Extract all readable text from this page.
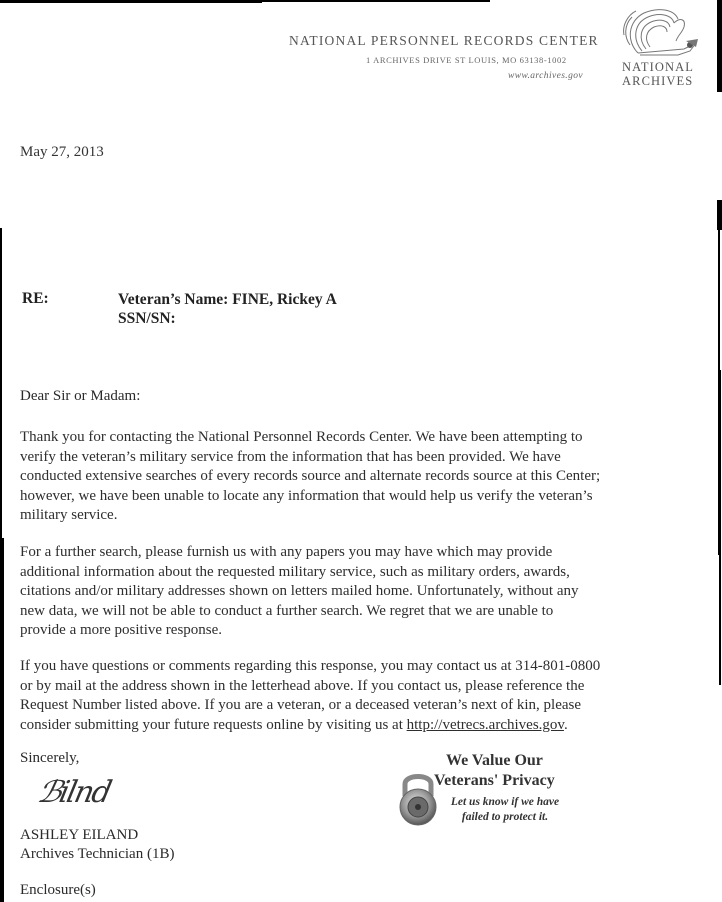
NATIONAL PERSONNEL RECORDS CENTER
1 ARCHIVES DRIVE ST LOUIS, MO 63138-1002
www.archives.gov
NATIONAL
ARCHIVES
May 27, 2013
RE:	Veteran’s Name: FINE, Rickey A
SSN/SN:
Dear Sir or Madam:
Thank you for contacting the National Personnel Records Center. We have been attempting to
verify the veteran’s military service from the information that has been provided. We have
conducted extensive searches of every records source and alternate records source at this Center;
however, we have been unable to locate any information that would help us verify the veteran’s
military service.
For a further search, please furnish us with any papers you may have which may provide
additional information about the requested military service, such as military orders, awards,
citations and/or military addresses shown on letters mailed home. Unfortunately, without any
new data, we will not be able to conduct a further search. We regret that we are unable to
provide a more positive response.
If you have questions or comments regarding this response, you may contact us at 314-801-0800
or by mail at the address shown in the letterhead above. If you contact us, please reference the
Request Number listed above. If you are a veteran, or a deceased veteran’s next of kin, please
consider submitting your future requests online by visiting us at http://vetrecs.archives.gov.
Sincerely,
ℬilnd
ASHLEY EILAND
Archives Technician (1B)
Enclosure(s)
We Value Our
Veterans' Privacy
Let us know if we have
failed to protect it.
